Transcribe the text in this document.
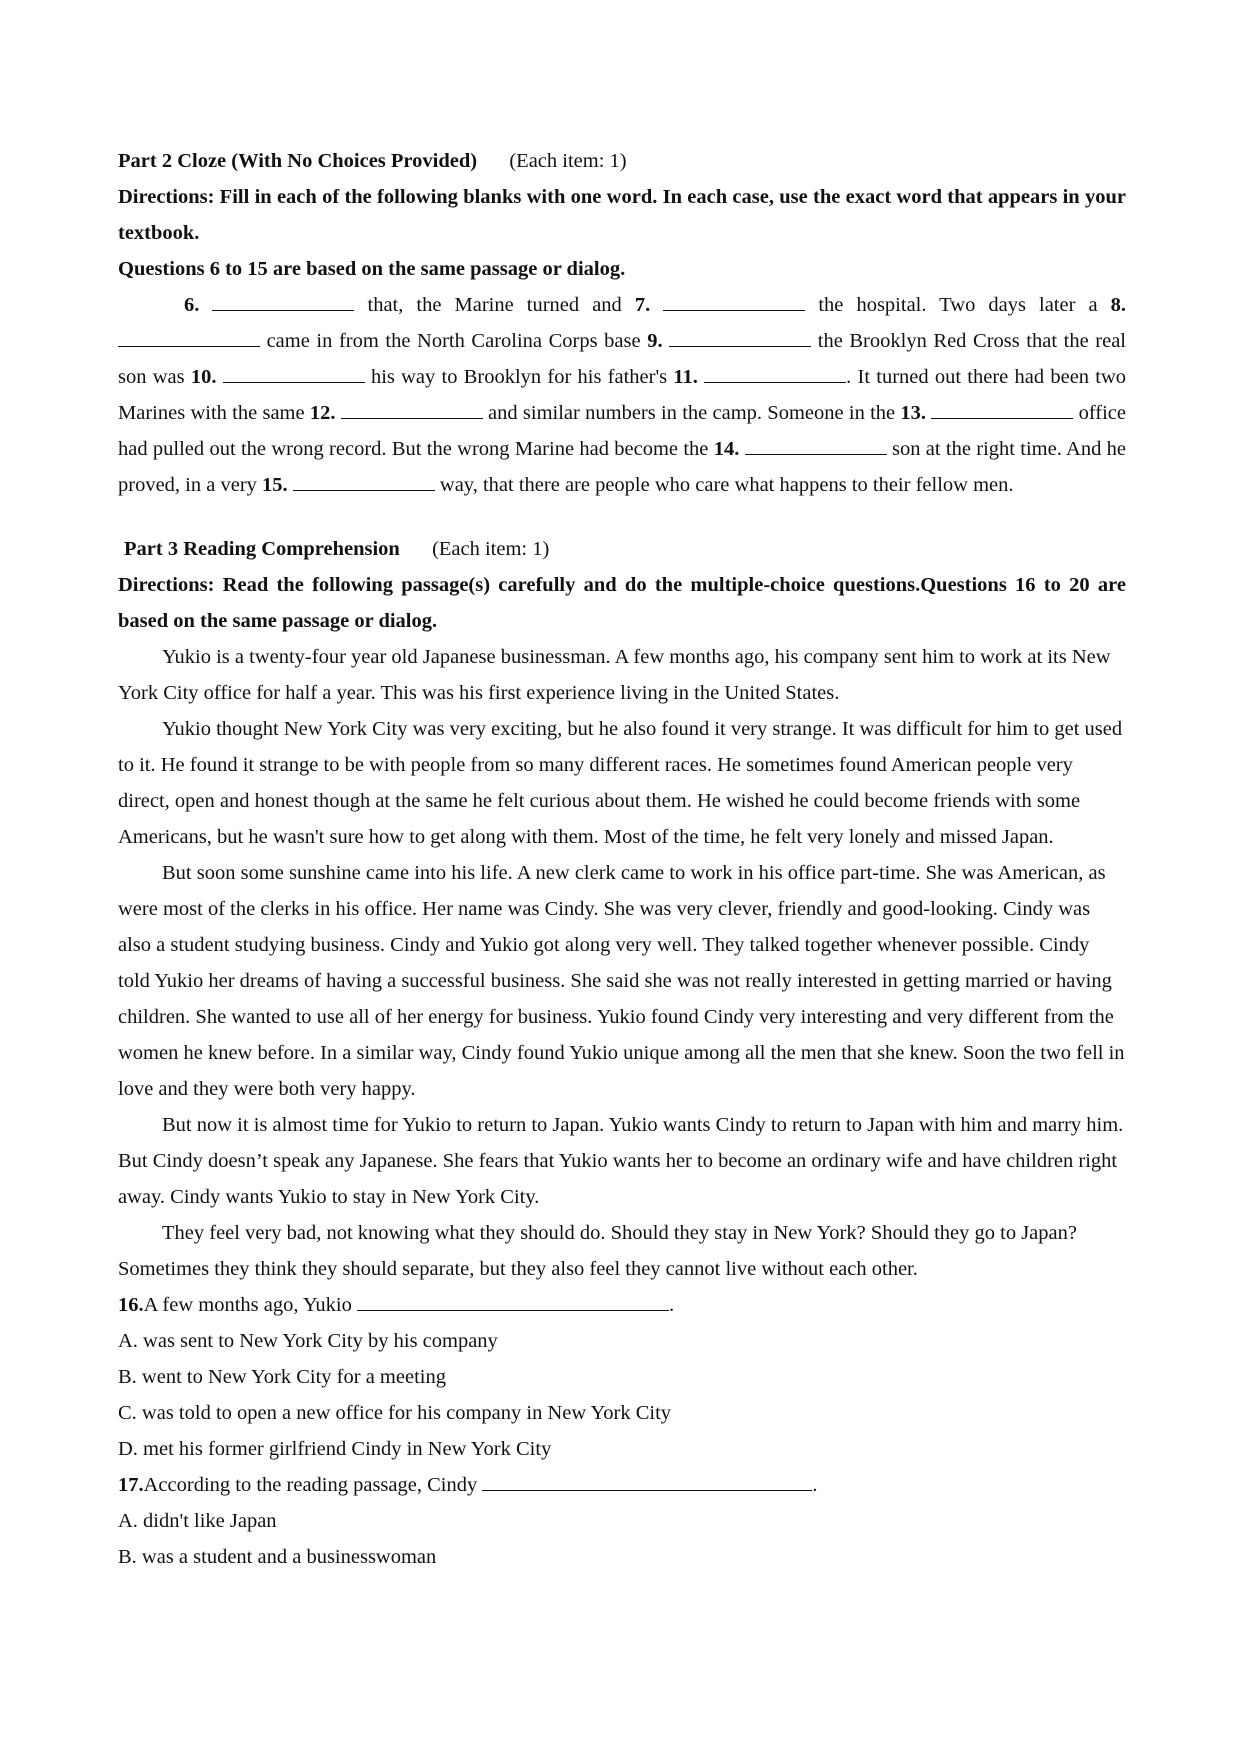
Part 2 Cloze (With No Choices Provided) (Each item: 1)
Directions: Fill in each of the following blanks with one word. In each case, use the exact word that appears in your textbook.
Questions 6 to 15 are based on the same passage or dialog.
6.	that, the Marine turned and 7.	the hospital. Two days later a 8.  came in from the North Carolina Corps base 9.	the Brooklyn Red Cross that the real son was 10.	his way to Brooklyn for his father's 11.	. It turned out there had been two Marines with the same 12.	and similar numbers in the camp. Someone in the 13.	office had pulled out the wrong record. But the wrong Marine had become the 14.	son at the right time. And he proved, in a very 15.	way, that there are people who care what happens to their fellow men.
Part 3 Reading Comprehension (Each item: 1)
Directions: Read the following passage(s) carefully and do the multiple-choice questions.Questions 16 to 20 are based on the same passage or dialog.
Yukio is a twenty-four year old Japanese businessman. A few months ago, his company sent him to work at its New York City office for half a year. This was his first experience living in the United States.
Yukio thought New York City was very exciting, but he also found it very strange. It was difficult for him to get used to it. He found it strange to be with people from so many different races. He sometimes found American people very direct, open and honest though at the same he felt curious about them. He wished he could become friends with some Americans, but he wasn't sure how to get along with them. Most of the time, he felt very lonely and missed Japan.
But soon some sunshine came into his life. A new clerk came to work in his office part-time. She was American, as were most of the clerks in his office. Her name was Cindy. She was very clever, friendly and good-looking. Cindy was also a student studying business. Cindy and Yukio got along very well. They talked together whenever possible. Cindy told Yukio her dreams of having a successful business. She said she was not really interested in getting married or having children. She wanted to use all of her energy for business. Yukio found Cindy very interesting and very different from the women he knew before. In a similar way, Cindy found Yukio unique among all the men that she knew. Soon the two fell in love and they were both very happy.
But now it is almost time for Yukio to return to Japan. Yukio wants Cindy to return to Japan with him and marry him. But Cindy doesn’t speak any Japanese. She fears that Yukio wants her to become an ordinary wife and have children right away. Cindy wants Yukio to stay in New York City.
They feel very bad, not knowing what they should do. Should they stay in New York? Should they go to Japan? Sometimes they think they should separate, but they also feel they cannot live without each other.
16.A few months ago, Yukio	.
A. was sent to New York City by his company
B. went to New York City for a meeting
C. was told to open a new office for his company in New York City
D. met his former girlfriend Cindy in New York City
17.According to the reading passage, Cindy	.
A. didn't like Japan
B. was a student and a businesswoman
